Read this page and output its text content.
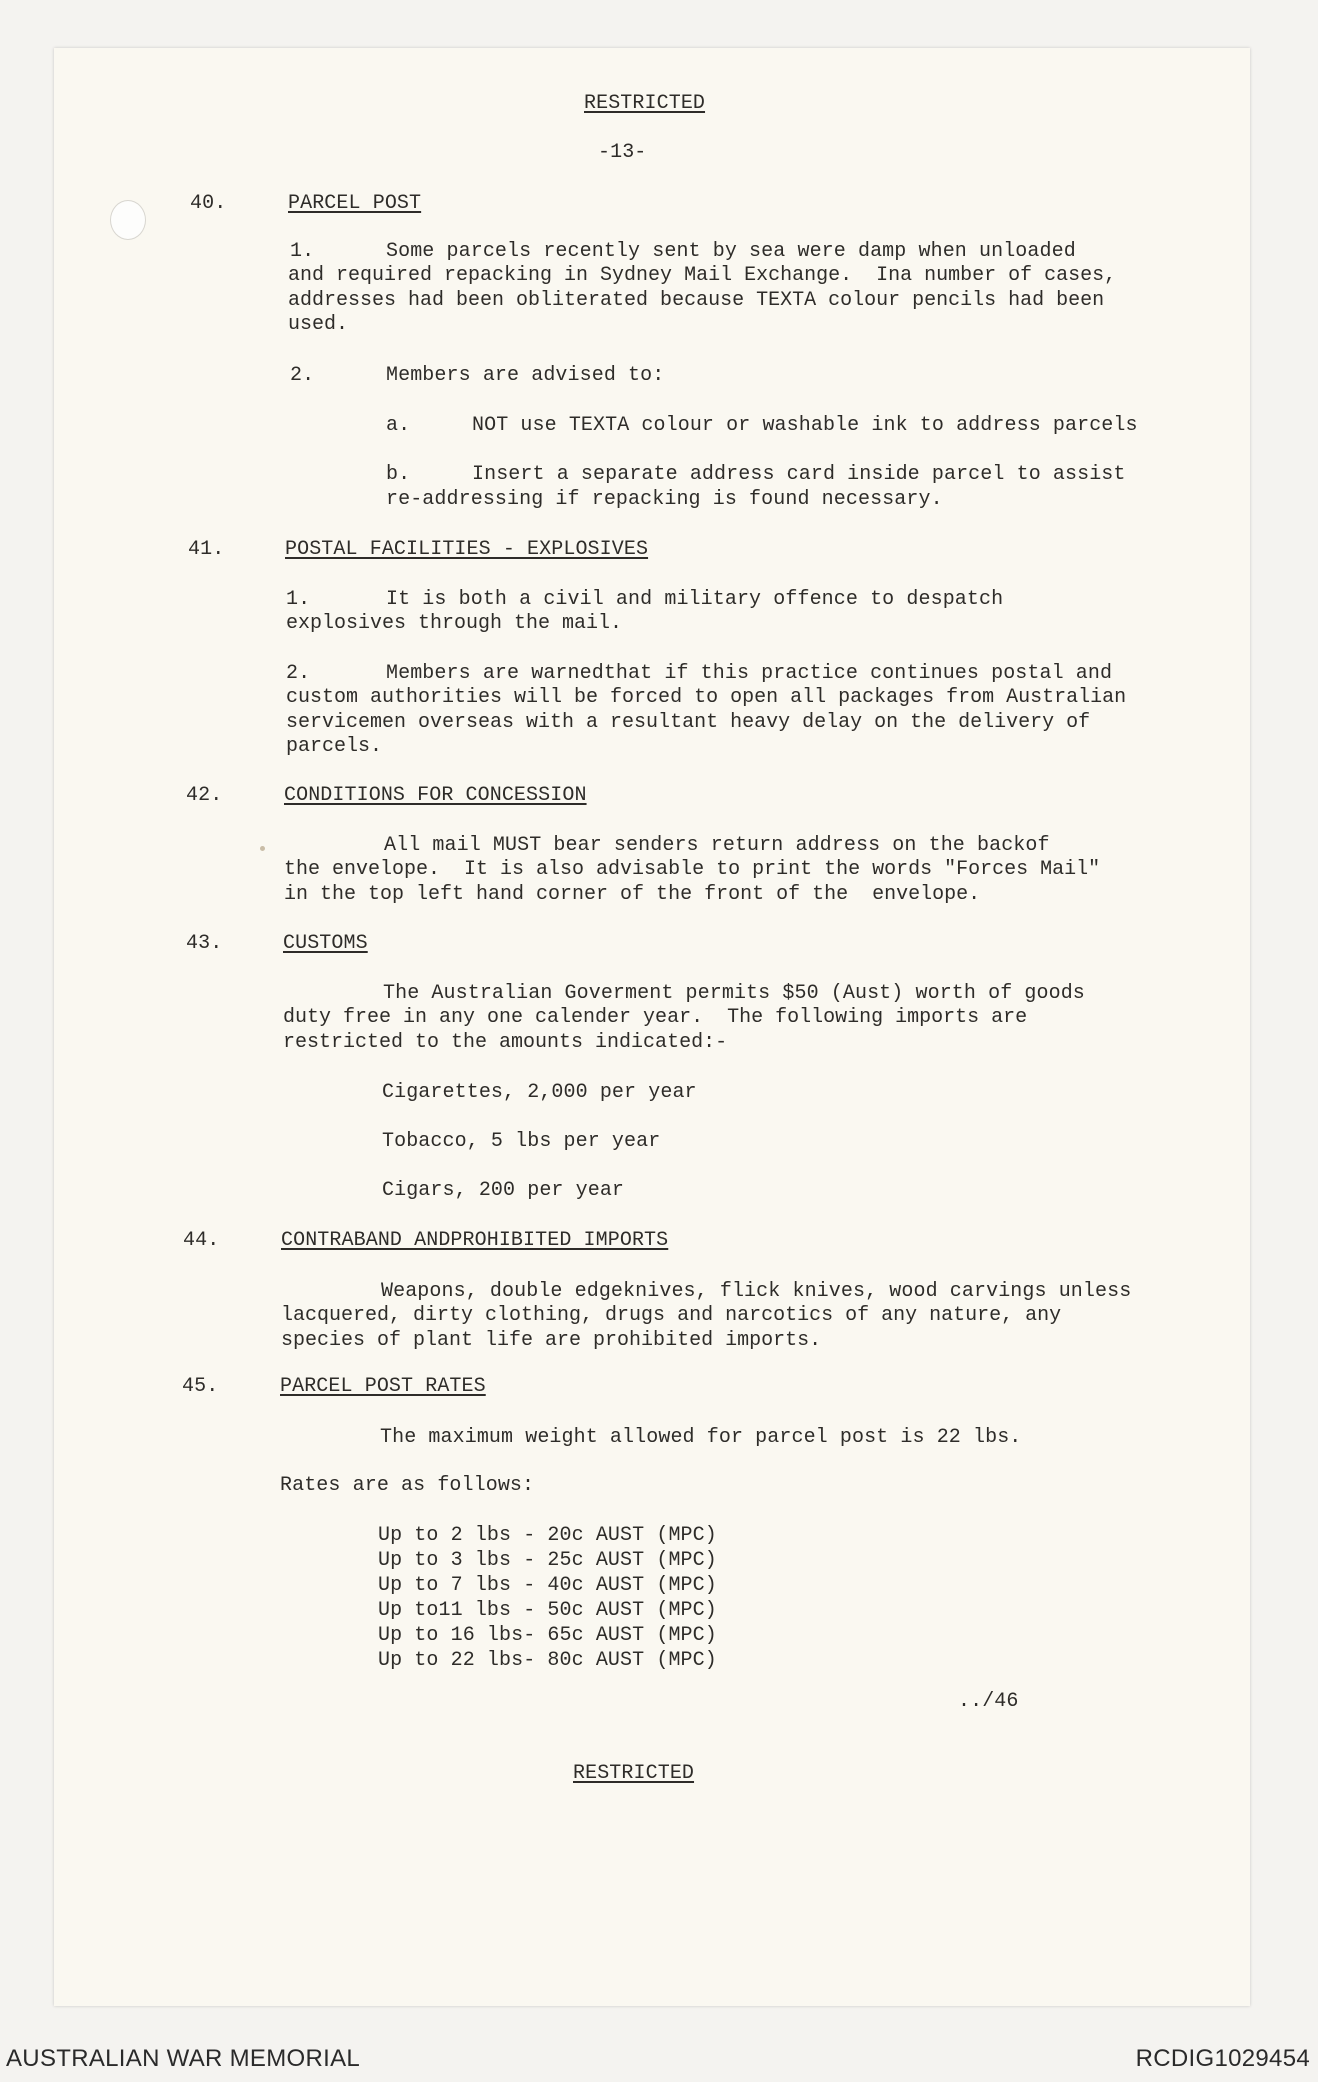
RESTRICTED
-13-
40.	PARCEL POST
1.	Some parcels recently sent by sea were damp when unloaded
and required repacking in Sydney Mail Exchange.  Ina number of cases,
addresses had been obliterated because TEXTA colour pencils had been
used.
2.	Members are advised to:
a.	NOT use TEXTA colour or washable ink to address parcels
b.	Insert a separate address card inside parcel to assist
re-addressing if repacking is found necessary.
41.	POSTAL FACILITIES - EXPLOSIVES
1.	It is both a civil and military offence to despatch
explosives through the mail.
2.	Members are warnedthat if this practice continues postal and
custom authorities will be forced to open all packages from Australian
servicemen overseas with a resultant heavy delay on the delivery of
parcels.
42.	CONDITIONS FOR CONCESSION
All mail MUST bear senders return address on the backof
the envelope.  It is also advisable to print the words "Forces Mail"
in the top left hand corner of the front of the  envelope.
43.	CUSTOMS
The Australian Goverment permits $50 (Aust) worth of goods
duty free in any one calender year.  The following imports are
restricted to the amounts indicated:-
Cigarettes, 2,000 per year
Tobacco, 5 lbs per year
Cigars, 200 per year
44.	CONTRABAND ANDPROHIBITED IMPORTS
Weapons, double edgeknives, flick knives, wood carvings unless
lacquered, dirty clothing, drugs and narcotics of any nature, any
species of plant life are prohibited imports.
45.	PARCEL POST RATES
The maximum weight allowed for parcel post is 22 lbs.
Rates are as follows:
Up to 2 lbs - 20c AUST (MPC)
Up to 3 lbs - 25c AUST (MPC)
Up to 7 lbs - 40c AUST (MPC)
Up to11 lbs - 50c AUST (MPC)
Up to 16 lbs- 65c AUST (MPC)
Up to 22 lbs- 80c AUST (MPC)
../46
RESTRICTED
AUSTRALIAN WAR MEMORIAL	RCDIG1029454
